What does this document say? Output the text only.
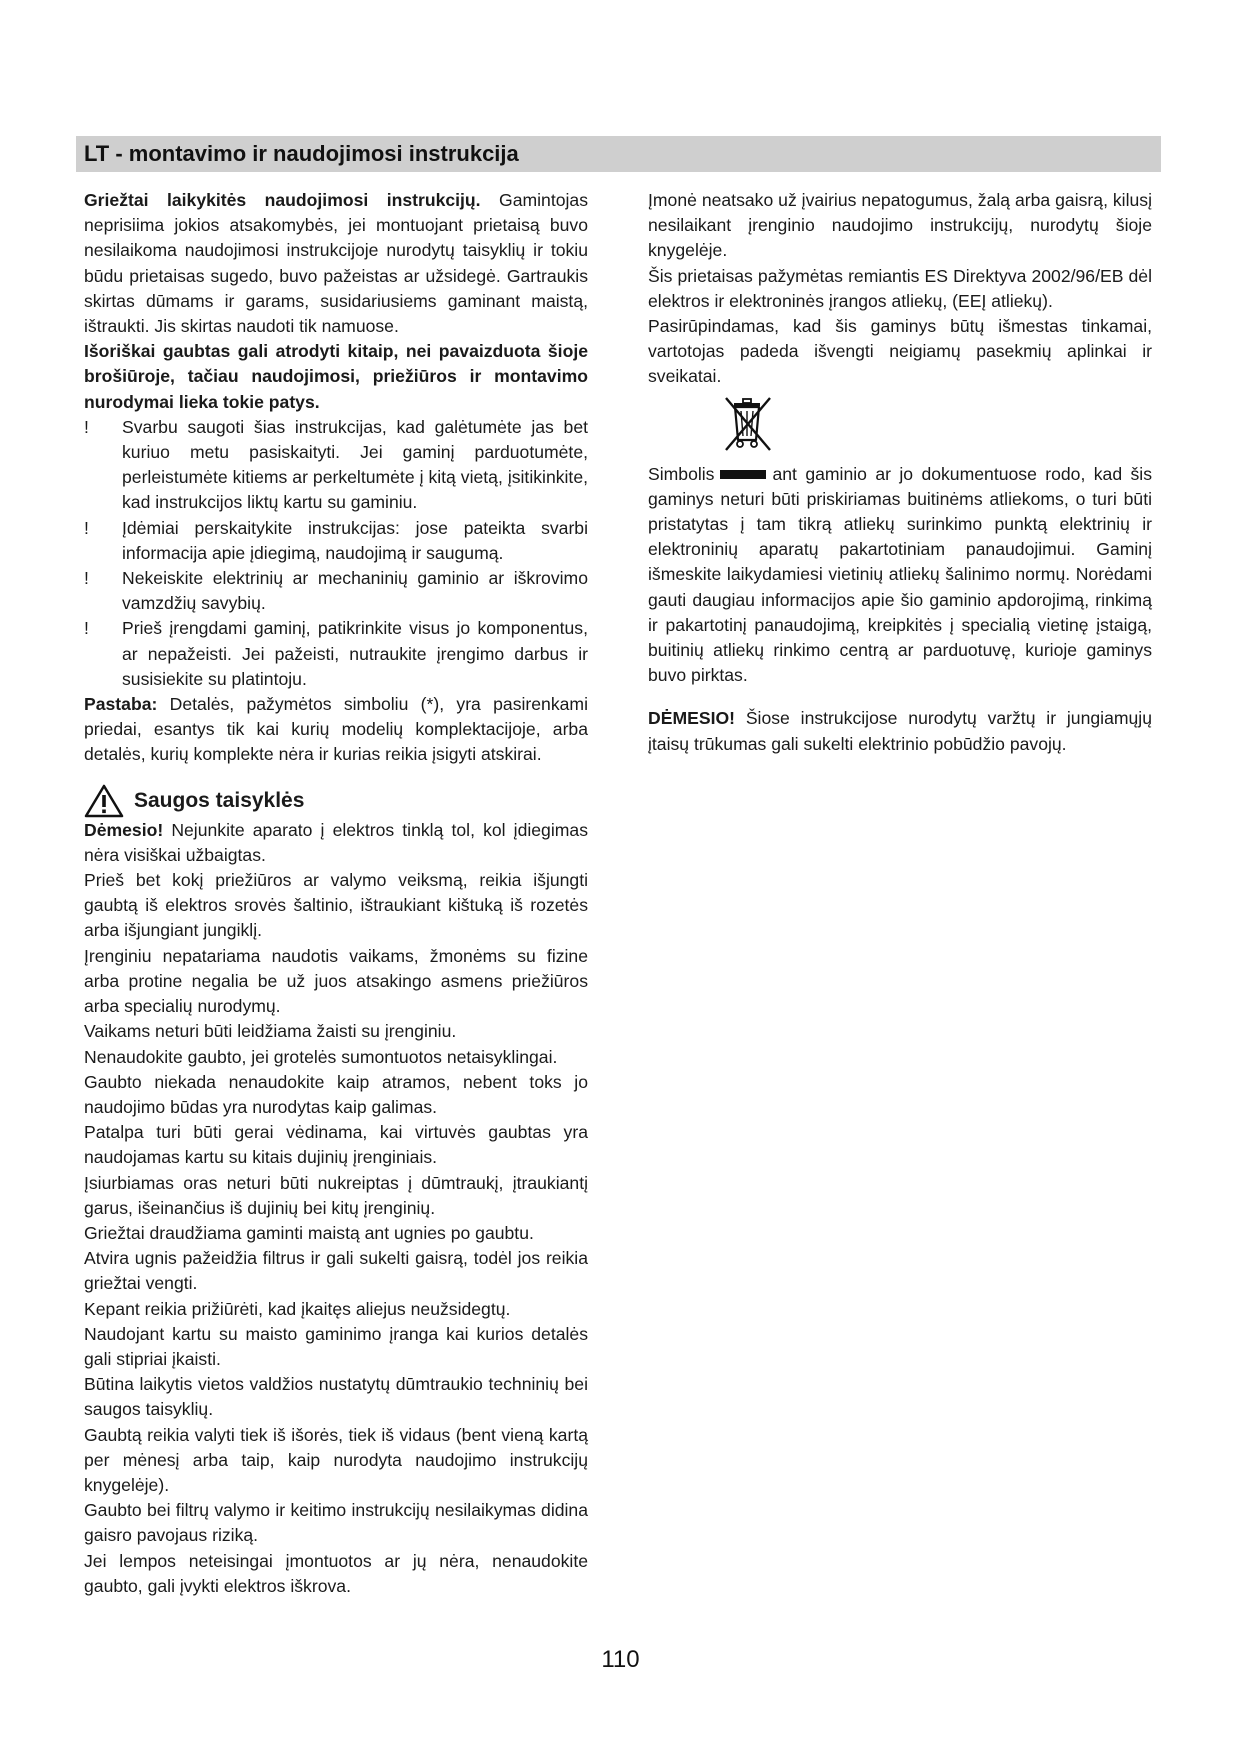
LT - montavimo ir naudojimosi instrukcija

Griežtai laikykitės naudojimosi instrukcijų. Gamintojas neprisiima jokios atsakomybės, jei montuojant prietaisą buvo nesilaikoma naudojimosi instrukcijoje nurodytų taisyklių ir tokiu būdu prietaisas sugedo, buvo pažeistas ar užsidegė. Gartraukis skirtas dūmams ir garams, susidariusiems gaminant maistą, ištraukti. Jis skirtas naudoti tik namuose.

Išoriškai gaubtas gali atrodyti kitaip, nei pavaizduota šioje brošiūroje, tačiau naudojimosi, priežiūros ir montavimo nurodymai lieka tokie patys.

!	Svarbu saugoti šias instrukcijas, kad galėtumėte jas bet kuriuo metu pasiskaityti. Jei gaminį parduotumėte, perleistumėte kitiems ar perkeltumėte į kitą vietą, įsitikinkite, kad instrukcijos liktų kartu su gaminiu.
!	Įdėmiai perskaitykite instrukcijas: jose pateikta svarbi informacija apie įdiegimą, naudojimą ir saugumą.
!	Nekeiskite elektrinių ar mechaninių gaminio ar iškrovimo vamzdžių savybių.
!	Prieš įrengdami gaminį, patikrinkite visus jo komponentus, ar nepažeisti. Jei pažeisti, nutraukite įrengimo darbus ir susisiekite su platintoju.

Pastaba: Detalės, pažymėtos simboliu (*), yra pasirenkami priedai, esantys tik kai kurių modelių komplektacijoje, arba detalės, kurių komplekte nėra ir kurias reikia įsigyti atskirai.

Saugos taisyklės

Dėmesio! Nejunkite aparato į elektros tinklą tol, kol įdiegimas nėra visiškai užbaigtas.

Prieš bet kokį priežiūros ar valymo veiksmą, reikia išjungti gaubtą iš elektros srovės šaltinio, ištraukiant kištuką iš rozetės arba išjungiant jungiklį.

Įrenginiu nepatariama naudotis vaikams, žmonėms su fizine arba protine negalia be už juos atsakingo asmens priežiūros arba specialių nurodymų.

Vaikams neturi būti leidžiama žaisti su įrenginiu.

Nenaudokite gaubto, jei grotelės sumontuotos netaisyklingai.

Gaubto niekada nenaudokite kaip atramos, nebent toks jo naudojimo būdas yra nurodytas kaip galimas.

Patalpa turi būti gerai vėdinama, kai virtuvės gaubtas yra naudojamas kartu su kitais dujinių įrenginiais.

Įsiurbiamas oras neturi būti nukreiptas į dūmtraukį, įtraukiantį garus, išeinančius iš dujinių bei kitų įrenginių.

Griežtai draudžiama gaminti maistą ant ugnies po gaubtu.

Atvira ugnis pažeidžia filtrus ir gali sukelti gaisrą, todėl jos reikia griežtai vengti.

Kepant reikia prižiūrėti, kad įkaitęs aliejus neužsidegtų.

Naudojant kartu su maisto gaminimo įranga kai kurios detalės gali stipriai įkaisti.

Būtina laikytis vietos valdžios nustatytų dūmtraukio techninių bei saugos taisyklių.

Gaubtą reikia valyti tiek iš išorės, tiek iš vidaus (bent vieną kartą per mėnesį arba taip, kaip nurodyta naudojimo instrukcijų knygelėje).

Gaubto bei filtrų valymo ir keitimo instrukcijų nesilaikymas didina gaisro pavojaus riziką.

Jei lempos neteisingai įmontuotos ar jų nėra, nenaudokite gaubto, gali įvykti elektros iškrova.

Įmonė neatsako už įvairius nepatogumus, žalą arba gaisrą, kilusį nesilaikant įrenginio naudojimo instrukcijų, nurodytų šioje knygelėje.

Šis prietaisas pažymėtas remiantis ES Direktyva 2002/96/EB dėl elektros ir elektroninės įrangos atliekų, (EEĮ atliekų).

Pasirūpindamas, kad šis gaminys būtų išmestas tinkamai, vartotojas padeda išvengti neigiamų pasekmių aplinkai ir sveikatai.

Simbolis	ant gaminio ar jo dokumentuose rodo, kad šis gaminys neturi būti priskiriamas buitinėms atliekoms, o turi būti pristatytas į tam tikrą atliekų surinkimo punktą elektrinių ir elektroninių aparatų pakartotiniam panaudojimui. Gaminį išmeskite laikydamiesi vietinių atliekų šalinimo normų. Norėdami gauti daugiau informacijos apie šio gaminio apdorojimą, rinkimą ir pakartotinį panaudojimą, kreipkitės į specialią vietinę įstaigą, buitinių atliekų rinkimo centrą ar parduotuvę, kurioje gaminys buvo pirktas.

DĖMESIO! Šiose instrukcijose nurodytų varžtų ir jungiamųjų įtaisų trūkumas gali sukelti elektrinio pobūdžio pavojų.

110
